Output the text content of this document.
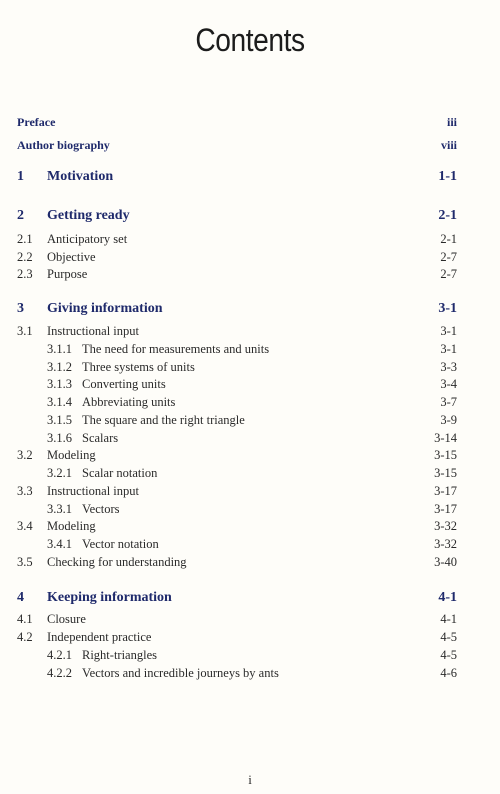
Contents
Preface	iii
Author biography	viii
1 Motivation	1-1
2 Getting ready	2-1
2.1 Anticipatory set	2-1
2.2 Objective	2-7
2.3 Purpose	2-7
3 Giving information	3-1
3.1 Instructional input	3-1
3.1.1 The need for measurements and units	3-1
3.1.2 Three systems of units	3-3
3.1.3 Converting units	3-4
3.1.4 Abbreviating units	3-7
3.1.5 The square and the right triangle	3-9
3.1.6 Scalars	3-14
3.2 Modeling	3-15
3.2.1 Scalar notation	3-15
3.3 Instructional input	3-17
3.3.1 Vectors	3-17
3.4 Modeling	3-32
3.4.1 Vector notation	3-32
3.5 Checking for understanding	3-40
4 Keeping information	4-1
4.1 Closure	4-1
4.2 Independent practice	4-5
4.2.1 Right-triangles	4-5
4.2.2 Vectors and incredible journeys by ants	4-6
i
